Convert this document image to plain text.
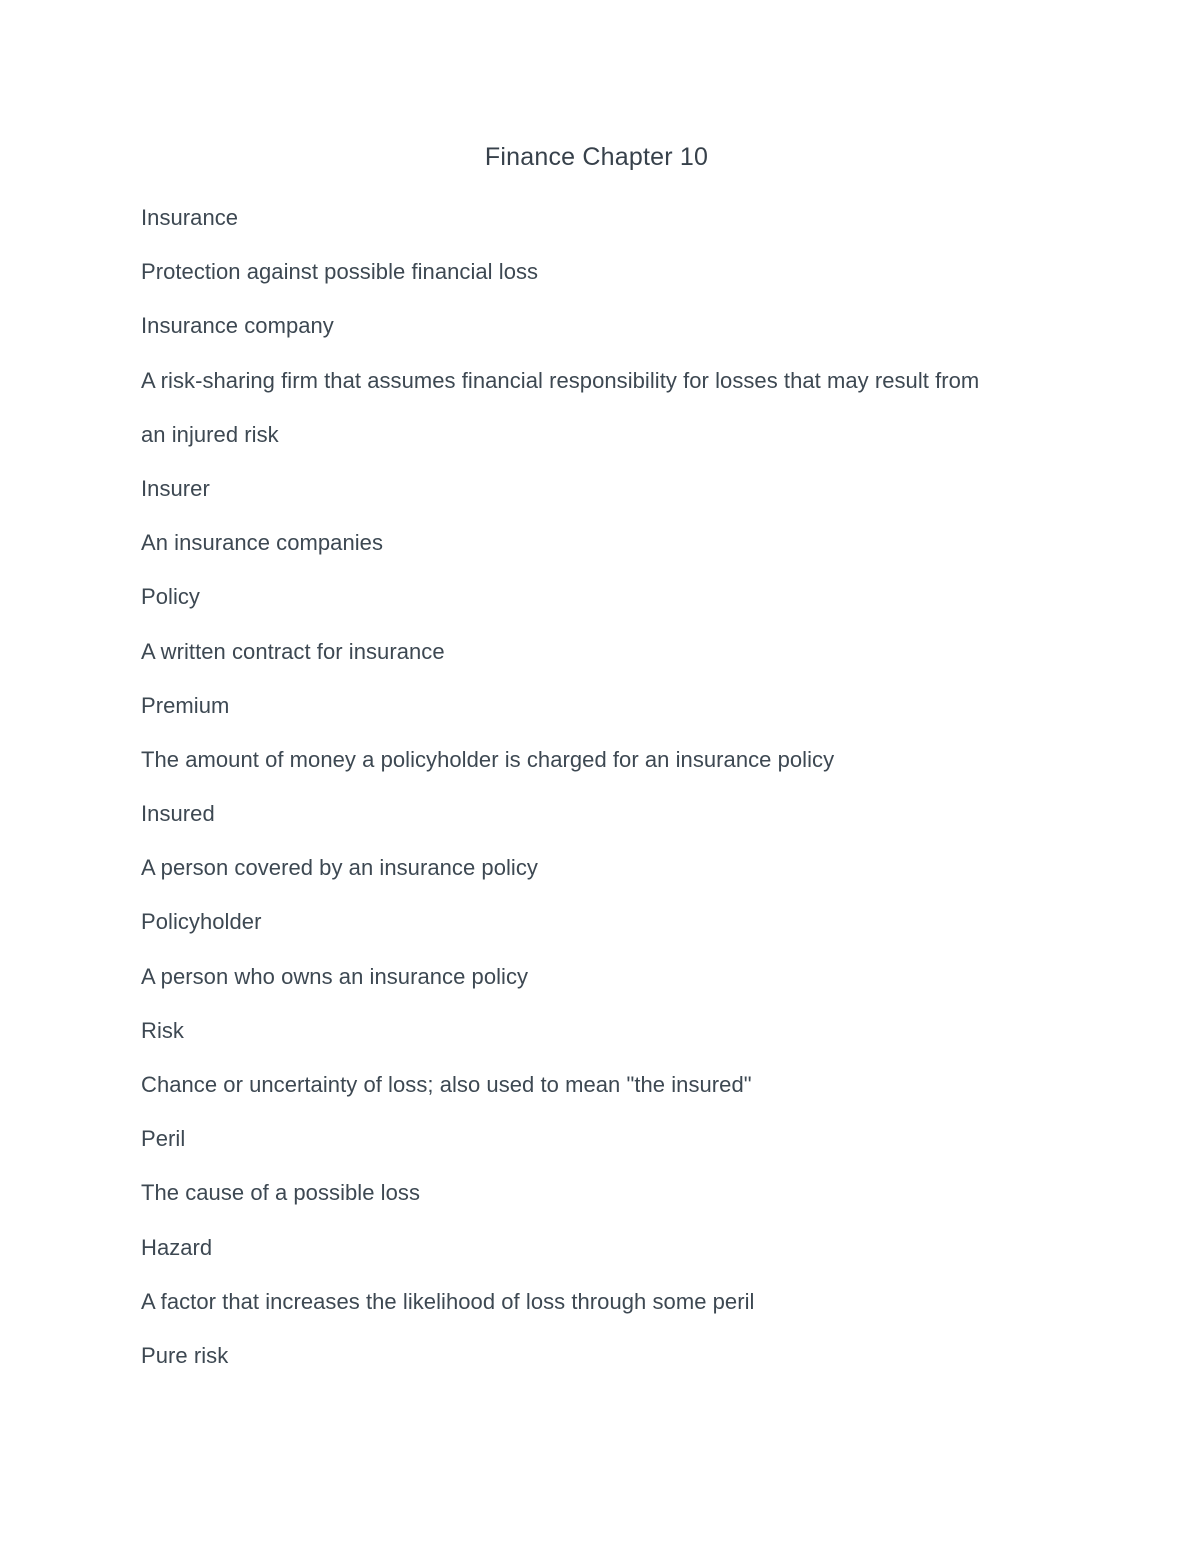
Finance Chapter 10
Insurance
Protection against possible financial loss
Insurance company
A risk-sharing firm that assumes financial responsibility for losses that may result from
an injured risk
Insurer
An insurance companies
Policy
A written contract for insurance
Premium
The amount of money a policyholder is charged for an insurance policy
Insured
A person covered by an insurance policy
Policyholder
A person who owns an insurance policy
Risk
Chance or uncertainty of loss; also used to mean "the insured"
Peril
The cause of a possible loss
Hazard
A factor that increases the likelihood of loss through some peril
Pure risk
